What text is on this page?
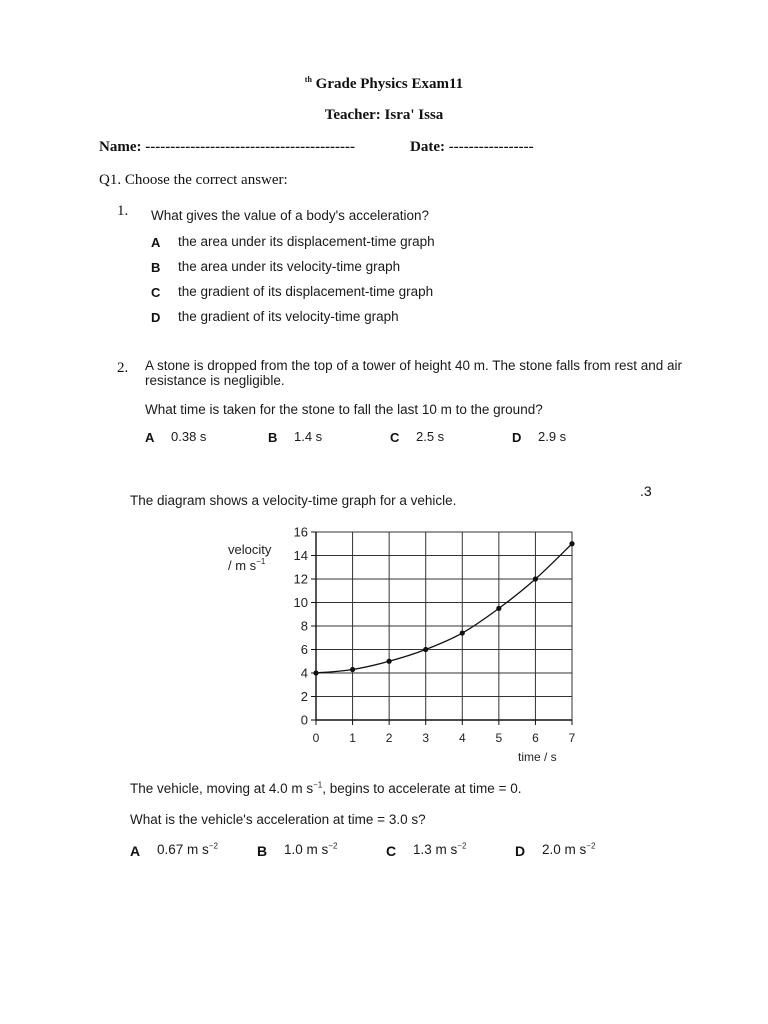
$^{th}$ Grade Physics Exam11
Teacher: Isra' Issa
Name: ------------------------------------------	Date: -----------------
Q1. Choose the correct answer:
1. What gives the value of a body's acceleration?
A the area under its displacement-time graph
B the area under its velocity-time graph
C the gradient of its displacement-time graph
D the gradient of its velocity-time graph
2. A stone is dropped from the top of a tower of height 40 m. The stone falls from rest and air
resistance is negligible.
What time is taken for the stone to fall the last 10 m to the ground?
A 0.38 s	B 1.4 s	C 2.5 s	D 2.9 s
.3
The diagram shows a velocity-time graph for a vehicle.
0
2
4
6
8
10
12
14
16
0 1 2 3 4 5 6 7
velocity
/ m $s^{-1}$
time / s
The vehicle, moving at 4.0 m $s^{-1}$, begins to accelerate at time = 0.
What is the vehicle's acceleration at time = 3.0 s?
A 0.67 m $s^{-2}$	B 1.0 m $s^{-2}$	C 1.3 m $s^{-2}$	D 2.0 m $s^{-2}$
